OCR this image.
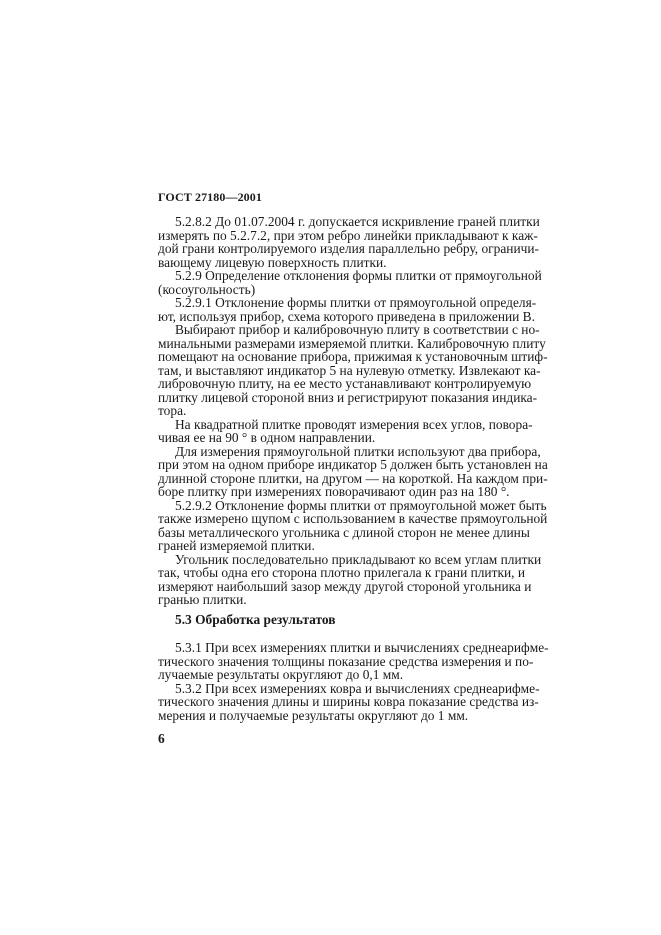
ГОСТ 27180—2001
5.2.8.2 До 01.07.2004 г. допускается искривление граней плитки
измерять по 5.2.7.2, при этом ребро линейки прикладывают к каж-
дой грани контролируемого изделия параллельно ребру, ограничи-
вающему лицевую поверхность плитки.
5.2.9 Определение отклонения формы плитки от прямоугольной
(косоугольность)
5.2.9.1 Отклонение формы плитки от прямоугольной определя-
ют, используя прибор, схема которого приведена в приложении В.
Выбирают прибор и калибровочную плиту в соответствии с но-
минальными размерами измеряемой плитки. Калибровочную плиту
помещают на основание прибора, прижимая к установочным штиф-
там, и выставляют индикатор 5 на нулевую отметку. Извлекают ка-
либровочную плиту, на ее место устанавливают контролируемую
плитку лицевой стороной вниз и регистрируют показания индика-
тора.
На квадратной плитке проводят измерения всех углов, повора-
чивая ее на 90 ° в одном направлении.
Для измерения прямоугольной плитки используют два прибора,
при этом на одном приборе индикатор 5 должен быть установлен на
длинной стороне плитки, на другом — на короткой. На каждом при-
боре плитку при измерениях поворачивают один раз на 180 °.
5.2.9.2 Отклонение формы плитки от прямоугольной может быть
также измерено щупом с использованием в качестве прямоугольной
базы металлического угольника с длиной сторон не менее длины
граней измеряемой плитки.
Угольник последовательно прикладывают ко всем углам плитки
так, чтобы одна его сторона плотно прилегала к грани плитки, и
измеряют наибольший зазор между другой стороной угольника и
гранью плитки.
5.3 Обработка результатов
5.3.1 При всех измерениях плитки и вычислениях среднеарифме-
тического значения толщины показание средства измерения и по-
лучаемые результаты округляют до 0,1 мм.
5.3.2 При всех измерениях ковра и вычислениях среднеарифме-
тического значения длины и ширины ковра показание средства из-
мерения и получаемые результаты округляют до 1 мм.
6
